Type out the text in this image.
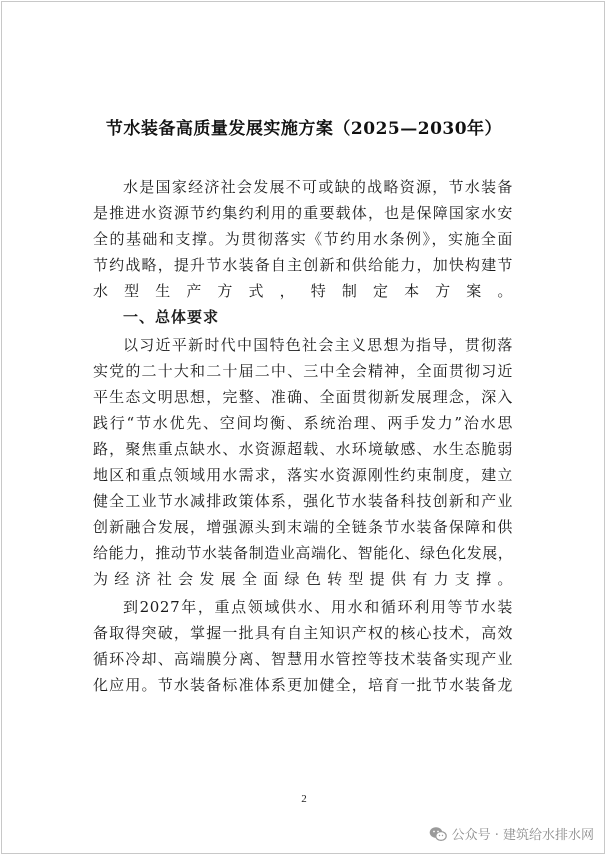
节水装备高质量发展实施方案（2025—2030年）
水是国家经济社会发展不可或缺的战略资源，节水装备
是推进水资源节约集约利用的重要载体，也是保障国家水安
全的基础和支撑。为贯彻落实《节约用水条例》，实施全面
节约战略，提升节水装备自主创新和供给能力，加快构建节
水型生产方式，特制定本方案。
一、总体要求
以习近平新时代中国特色社会主义思想为指导，贯彻落
实党的二十大和二十届二中、三中全会精神，全面贯彻习近
平生态文明思想，完整、准确、全面贯彻新发展理念，深入
践行“节水优先、空间均衡、系统治理、两手发力”治水思
路，聚焦重点缺水、水资源超载、水环境敏感、水生态脆弱
地区和重点领域用水需求，落实水资源刚性约束制度，建立
健全工业节水减排政策体系，强化节水装备科技创新和产业
创新融合发展，增强源头到末端的全链条节水装备保障和供
给能力，推动节水装备制造业高端化、智能化、绿色化发展，
为经济社会发展全面绿色转型提供有力支撑。
到2027年，重点领域供水、用水和循环利用等节水装
备取得突破，掌握一批具有自主知识产权的核心技术，高效
循环冷却、高端膜分离、智慧用水管控等技术装备实现产业
化应用。节水装备标准体系更加健全，培育一批节水装备龙
2
公众号 · 建筑给水排水网
